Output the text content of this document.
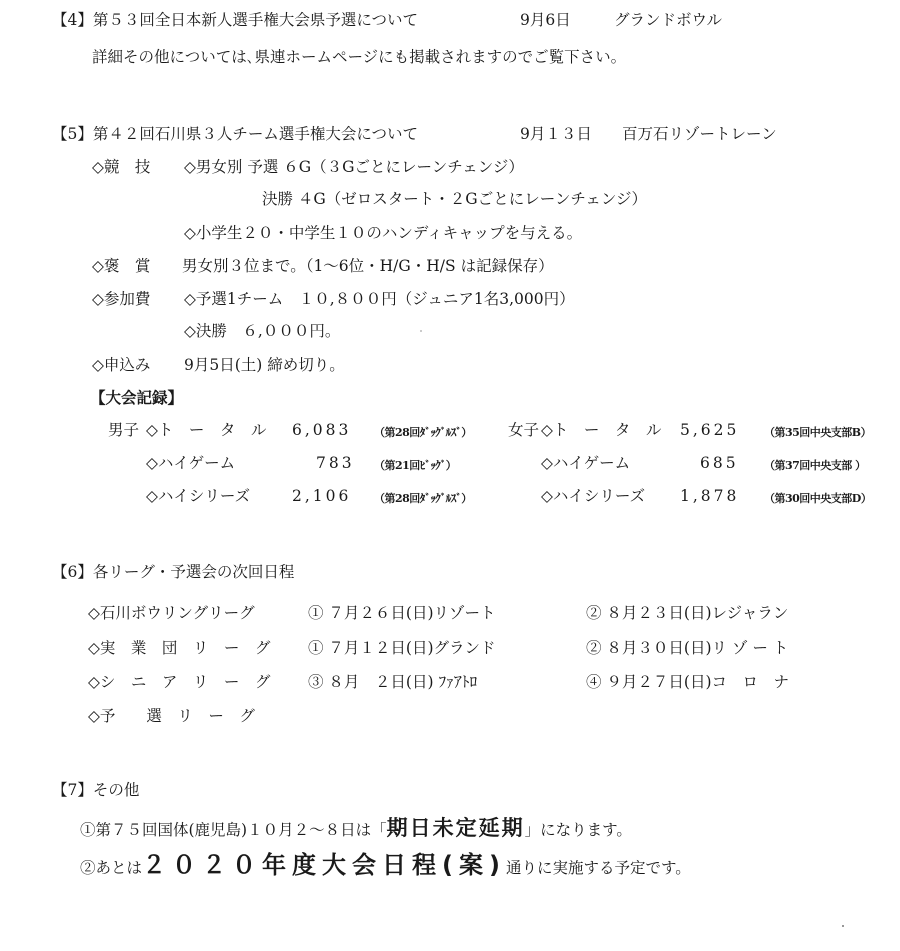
【4】第５３回全日本新人選手権大会県予選について	9月6日	グランドボウル
詳細その他については､県連ホームページにも掲載されますのでご覧下さい。
【5】第４２回石川県３人チーム選手権大会について	9月１３日 百万石リゾートレーン
◇競　技 ◇男女別 予選 ６G（３Gごとにレーンチェンジ）
決勝 ４G（ゼロスタート・２Gごとにレーンチェンジ）
◇小学生２０・中学生１０のハンディキャップを与える。
◇褒　賞 男女別３位まで。（1～6位・H/G・H/S は記録保存）
◇参加費 ◇予選1チーム　１０,８００円（ジュニア1名3,000円）
◇決勝　６,０００円。
◇申込み 9月5日(土) 締め切り。
【大会記録】
男子 ◇ト　ー　タ　ル 6,083 （第28回ﾀﾞｯｸﾞﾙｽﾞ）
◇ハイゲーム	783 （第21回ﾋﾞｯｸﾞ）
◇ハイシリーズ	2,106 （第28回ﾀﾞｯｸﾞﾙｽﾞ）
女子 ◇ト　ー　タ　ル 5,625 （第35回中央支部B）
◇ハイゲーム	685 （第37回中央支部 ）
◇ハイシリーズ 1,878 （第30回中央支部D）
【6】各リーグ・予選会の次回日程
◇石川ボウリングリーグ	① ７月２６日(日)リゾート	② ８月２３日(日)レジャラン
◇実　業　団　リ　ー　グ ① ７月１２日(日)グランド	② ８月３０日(日)リ ゾ ー ト
◇シ　ニ　ア　リ　ー　グ ③ ８月　２日(日) ﾌｧｱﾄﾛ	④ ９月２７日(日)コ　ロ　ナ
◇予　　選　リ　ー　グ
【7】その他
①第７５回国体(鹿児島)１０月２～８日は「期日未定延期」になります。
②あとは２０２０年度大会日程(案)通りに実施する予定です。
